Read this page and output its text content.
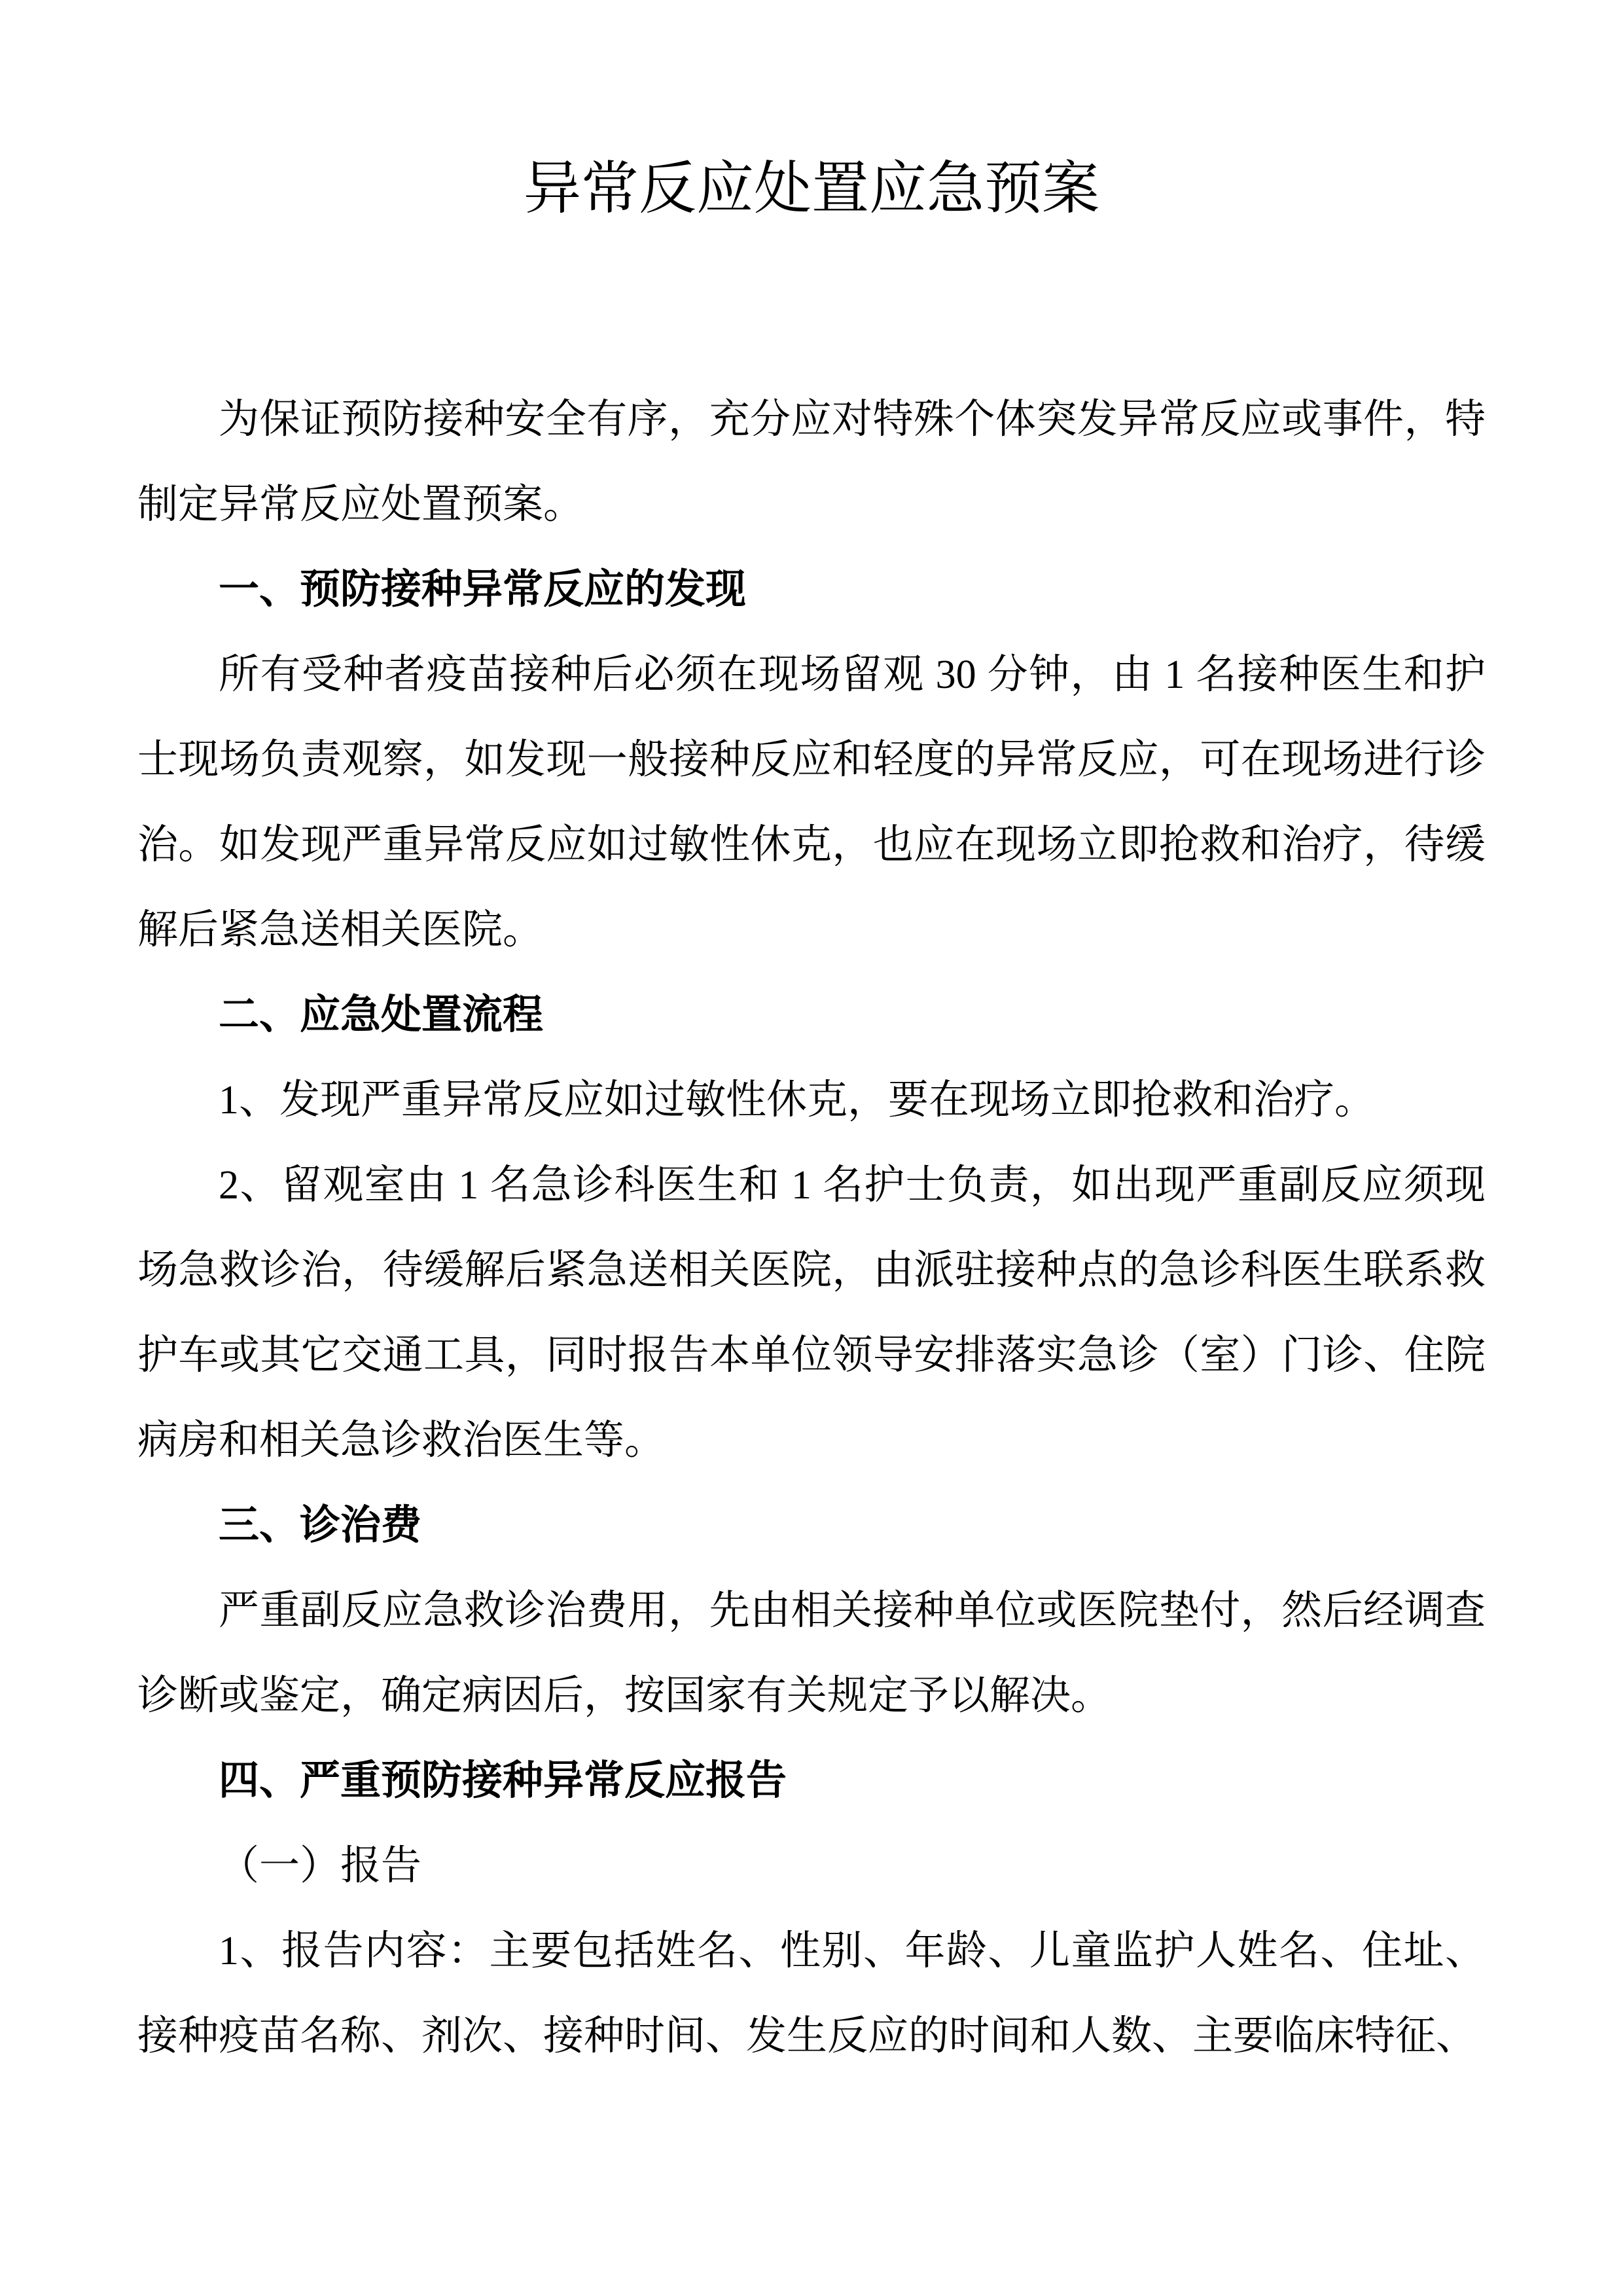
异常反应处置应急预案
为保证预防接种安全有序，充分应对特殊个体突发异常反应或事件，特制定异常反应处置预案。
一、预防接种异常反应的发现
所有受种者疫苗接种后必须在现场留观 30 分钟，由 1 名接种医生和护士现场负责观察，如发现一般接种反应和轻度的异常反应，可在现场进行诊治。如发现严重异常反应如过敏性休克，也应在现场立即抢救和治疗，待缓解后紧急送相关医院。
二、应急处置流程
1、发现严重异常反应如过敏性休克，要在现场立即抢救和治疗。
2、留观室由 1 名急诊科医生和 1 名护士负责，如出现严重副反应须现场急救诊治，待缓解后紧急送相关医院，由派驻接种点的急诊科医生联系救护车或其它交通工具，同时报告本单位领导安排落实急诊（室）门诊、住院病房和相关急诊救治医生等。
三、诊治费
严重副反应急救诊治费用，先由相关接种单位或医院垫付，然后经调查诊断或鉴定，确定病因后，按国家有关规定予以解决。
四、严重预防接种异常反应报告
（一）报告
1、报告内容：主要包括姓名、性别、年龄、儿童监护人姓名、住址、接种疫苗名称、剂次、接种时间、发生反应的时间和人数、主要临床特征、
